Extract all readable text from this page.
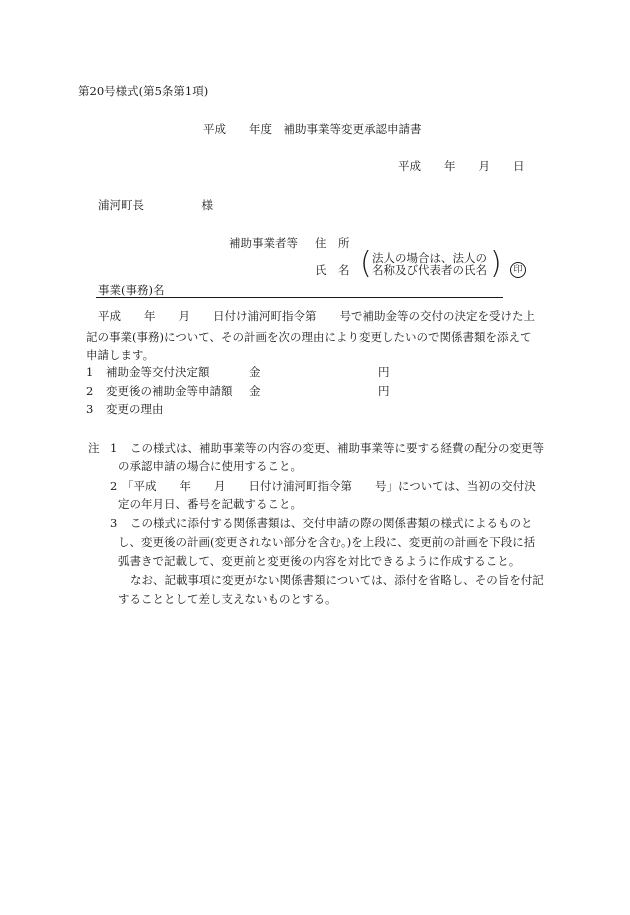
第20号様式(第5条第1項)
平成　　年度　補助事業等変更承認申請書
平成　　年　　月　　日
浦河町長　　　　　様
補助事業者等 住　所
氏　名 ( 法人の場合は、法人の
名称及び代表者の氏名 )	印
事業(事務)名
平成　　年　　月　　日付け浦河町指令第　　号で補助金等の交付の決定を受けた上
記の事業(事務)について、その計画を次の理由により変更したいので関係書類を添えて
申請します。
1 補助金等交付決定額	金	円
2 変更後の補助金等申請額 金	円
3 変更の理由
注 1 この様式は、補助事業等の内容の変更、補助事業等に要する経費の配分の変更等
の承認申請の場合に使用すること。
2 「平成　　年　　月　　日付け浦河町指令第　　号」については、当初の交付決
定の年月日、番号を記載すること。
3 この様式に添付する関係書類は、交付申請の際の関係書類の様式によるものと
し、変更後の計画(変更されない部分を含む。)を上段に、変更前の計画を下段に括
弧書きで記載して、変更前と変更後の内容を対比できるように作成すること。
なお、記載事項に変更がない関係書類については、添付を省略し、その旨を付記
することとして差し支えないものとする。
